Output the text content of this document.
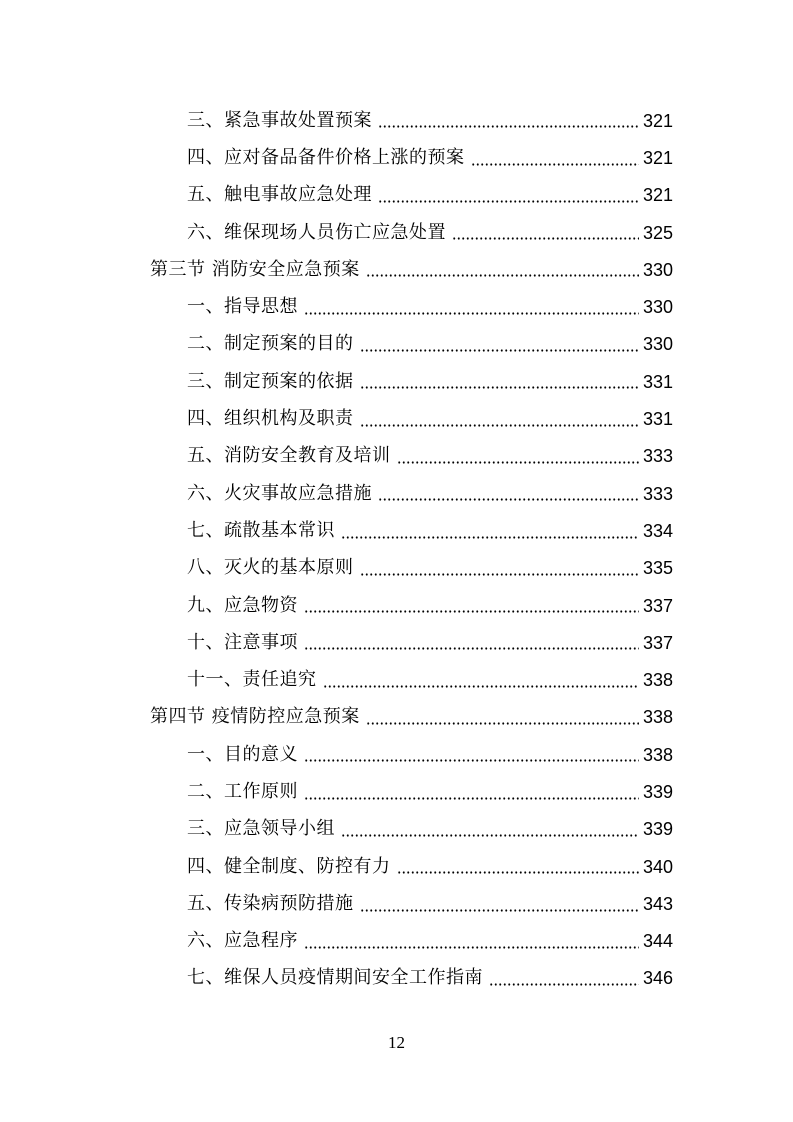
三、紧急事故处置预案	321
四、应对备品备件价格上涨的预案	321
五、触电事故应急处理	321
六、维保现场人员伤亡应急处置	325
第三节 消防安全应急预案	330
一、指导思想	330
二、制定预案的目的	330
三、制定预案的依据	331
四、组织机构及职责	331
五、消防安全教育及培训	333
六、火灾事故应急措施	333
七、疏散基本常识	334
八、灭火的基本原则	335
九、应急物资	337
十、注意事项	337
十一、责任追究	338
第四节 疫情防控应急预案	338
一、目的意义	338
二、工作原则	339
三、应急领导小组	339
四、健全制度、防控有力	340
五、传染病预防措施	343
六、应急程序	344
七、维保人员疫情期间安全工作指南	346
12
